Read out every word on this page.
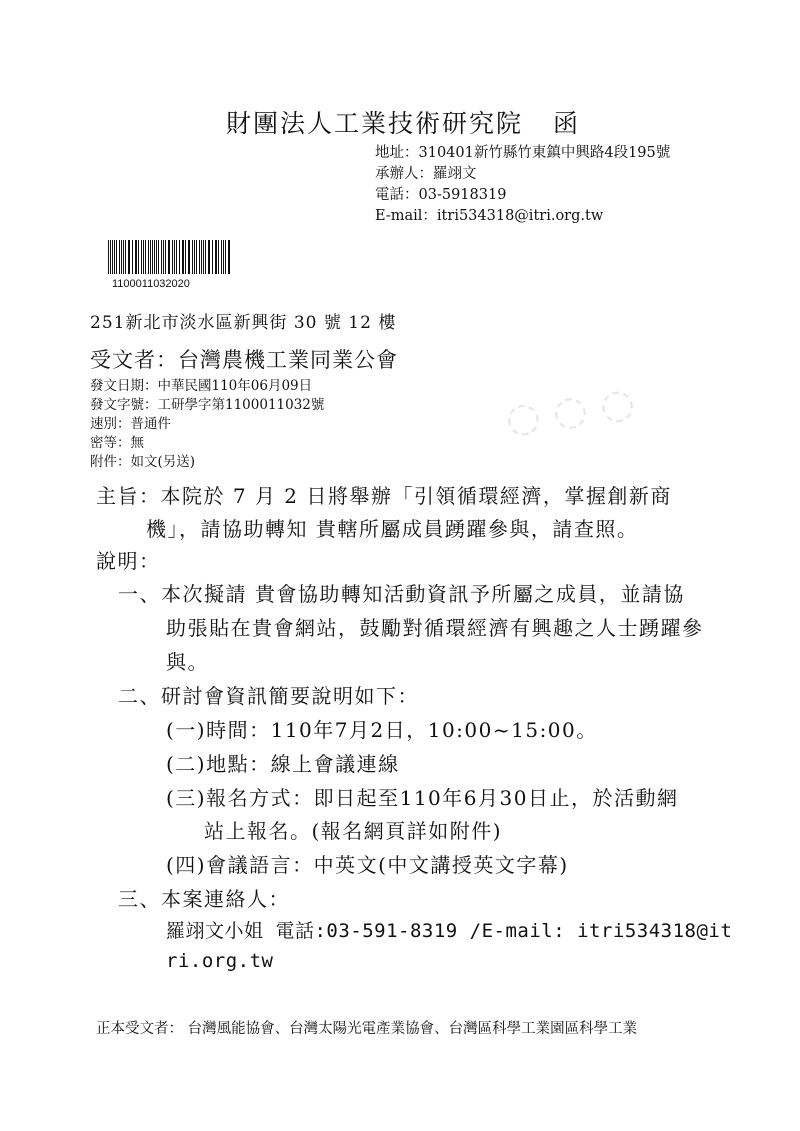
財團法人工業技術研究院 函
地址：310401新竹縣竹東鎮中興路4段195號
承辦人：羅翊文
電話：03-5918319
E-mail：itri534318@itri.org.tw
1100011032020
251新北市淡水區新興街 30 號 12 樓
受文者：台灣農機工業同業公會
發文日期：中華民國110年06月09日
發文字號：工研學字第1100011032號
速別：普通件
密等：無
附件：如文(另送)
◌ ◌ ◌
主旨：本院於 7 月 2 日將舉辦「引領循環經濟，掌握創新商
機」，請協助轉知 貴轄所屬成員踴躍參與，請查照。
說明：
一、本次擬請 貴會協助轉知活動資訊予所屬之成員，並請協
助張貼在貴會網站，鼓勵對循環經濟有興趣之人士踴躍參
與。
二、研討會資訊簡要說明如下：
(一)時間：110年7月2日，10:00~15:00。
(二)地點：線上會議連線
(三)報名方式：即日起至110年6月30日止，於活動網
站上報名。(報名網頁詳如附件)
(四)會議語言：中英文(中文講授英文字幕)
三、本案連絡人：
羅翊文小姐 電話:03-591-8319 /E-mail: itri534318@it
ri.org.tw
正本受文者： 台灣風能協會、台灣太陽光電產業協會、台灣區科學工業園區科學工業
